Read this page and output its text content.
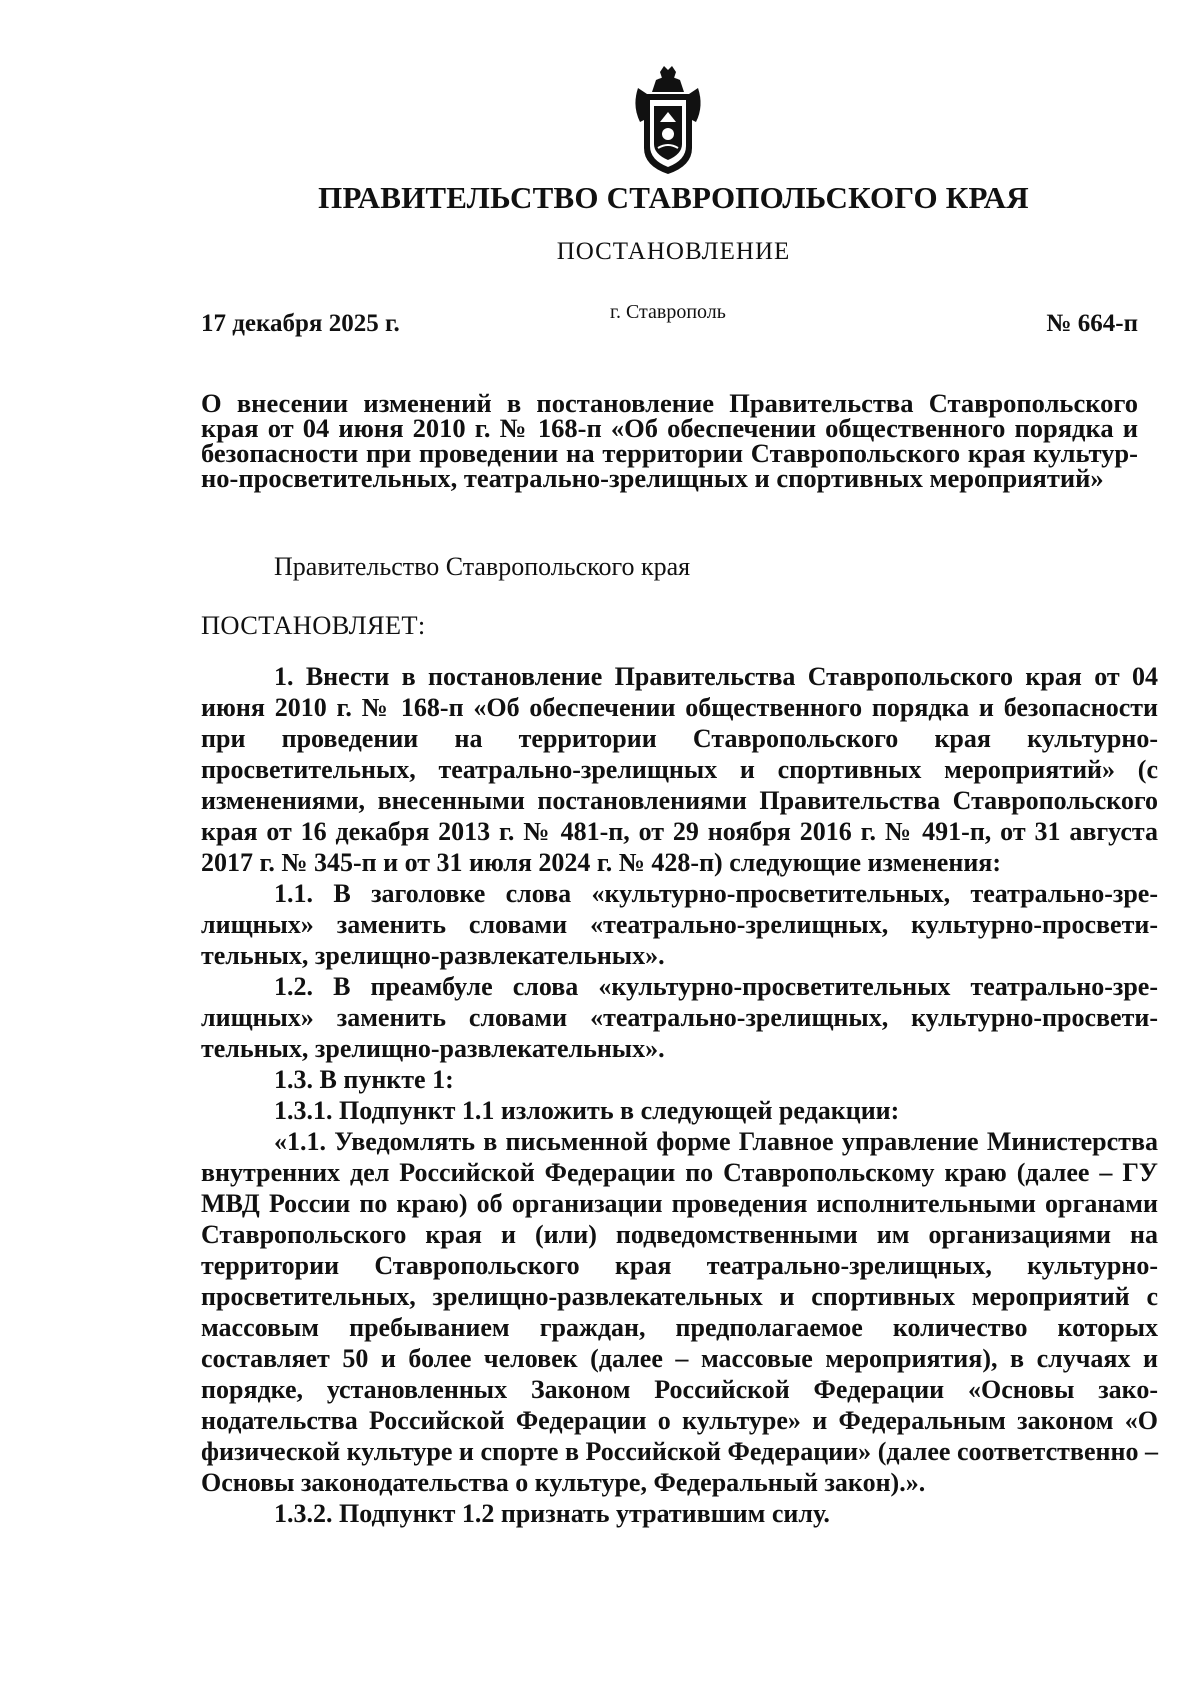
ПРАВИТЕЛЬСТВО СТАВРОПОЛЬСКОГО КРАЯ
ПОСТАНОВЛЕНИЕ
17 декабря 2025 г.	г. Ставрополь	№ 664-п
О внесении изменений в постановление Правительства Ставропольского края от 04 июня 2010 г. № 168-п «Об обеспечении общественного порядка и безопасности при проведении на территории Ставропольского края культурно-просветительных, театрально-зрелищных и спортивных мероприятий»
Правительство Ставропольского края
ПОСТАНОВЛЯЕТ:

1. Внести в постановление Правительства Ставропольского края от 04 июня 2010 г. № 168-п «Об обеспечении общественного порядка и безопасности при проведении на территории Ставропольского края культурно-просветительных, театрально-зрелищных и спортивных мероприятий» (с изменениями, внесенными постановлениями Правительства Ставропольского края от 16 декабря 2013 г. № 481-п, от 29 ноября 2016 г. № 491-п, от 31 августа 2017 г. № 345-п и от 31 июля 2024 г. № 428-п) следующие изменения:

1.1. В заголовке слова «культурно-просветительных, театрально-зрелищных» заменить словами «театрально-зрелищных, культурно-просветительных, зрелищно-развлекательных».

1.2. В преамбуле слова «культурно-просветительных театрально-зрелищных» заменить словами «театрально-зрелищных, культурно-просветительных, зрелищно-развлекательных».

1.3. В пункте 1:

1.3.1. Подпункт 1.1 изложить в следующей редакции:

«1.1. Уведомлять в письменной форме Главное управление Министерства внутренних дел Российской Федерации по Ставропольскому краю (далее – ГУ МВД России по краю) об организации проведения исполнительными органами Ставропольского края и (или) подведомственными им организациями на территории Ставропольского края театрально-зрелищных, культурно-просветительных, зрелищно-развлекательных и спортивных мероприятий с массовым пребыванием граждан, предполагаемое количество которых составляет 50 и более человек (далее – массовые мероприятия), в случаях и порядке, установленных Законом Российской Федерации «Основы законодательства Российской Федерации о культуре» и Федеральным законом «О физической культуре и спорте в Российской Федерации» (далее соответственно – Основы законодательства о культуре, Федеральный закон).».

1.3.2. Подпункт 1.2 признать утратившим силу.
